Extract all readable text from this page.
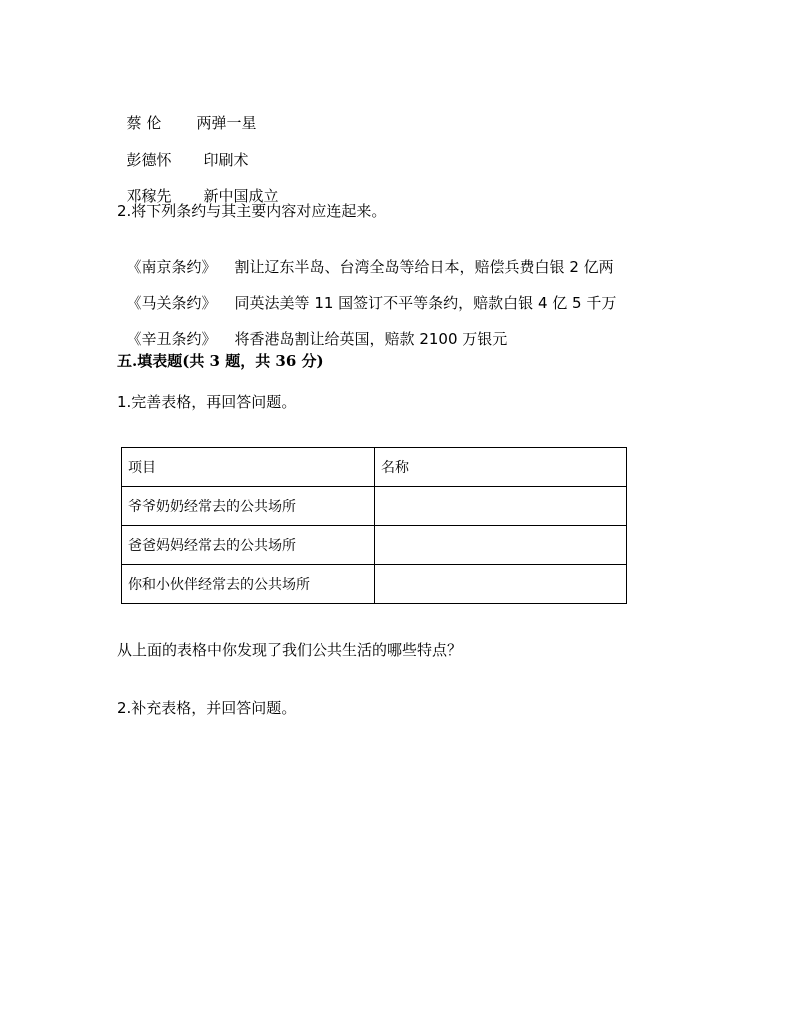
蔡 伦 两弹一星

彭德怀 印刷术

邓稼先 新中国成立

2.将下列条约与其主要内容对应连起来。

《南京条约》 割让辽东半岛、台湾全岛等给日本，赔偿兵费白银 2 亿两

《马关条约》 同英法美等 11 国签订不平等条约，赔款白银 4 亿 5 千万

《辛丑条约》 将香港岛割让给英国，赔款 2100 万银元

五.填表题(共 3 题，共 36 分)
1.完善表格，再回答问题。
项目	名称
爷爷奶奶经常去的公共场所	
爸爸妈妈经常去的公共场所	
你和小伙伴经常去的公共场所	
从上面的表格中你发现了我们公共生活的哪些特点？
2.补充表格，并回答问题。
